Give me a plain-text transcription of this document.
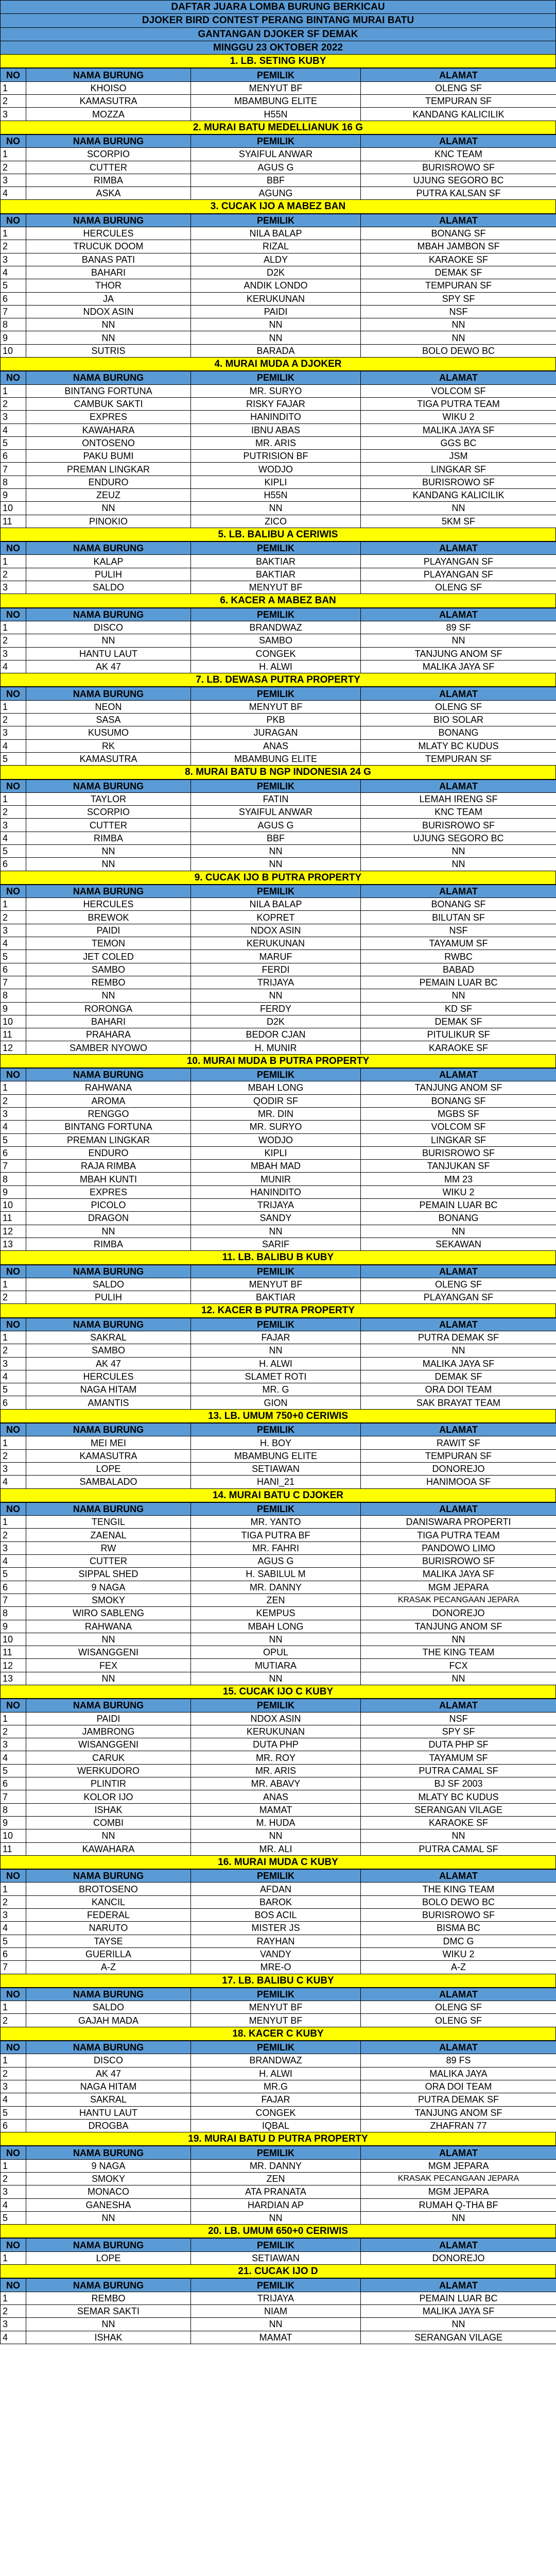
DAFTAR JUARA LOMBA BURUNG BERKICAU
DJOKER BIRD CONTEST PERANG BINTANG MURAI BATU
GANTANGAN DJOKER SF DEMAK
MINGGU 23 OKTOBER 2022
1. LB. SETING KUBY
NO	NAMA BURUNG	PEMILIK	ALAMAT
1	KHOISO	MENYUT BF	OLENG SF
2	KAMASUTRA	MBAMBUNG ELITE	TEMPURAN SF
3	MOZZA	H55N	KANDANG KALICILIK
2. MURAI BATU MEDELLIANUK 16 G
NO	NAMA BURUNG	PEMILIK	ALAMAT
1	SCORPIO	SYAIFUL ANWAR	KNC TEAM
2	CUTTER	AGUS G	BURISROWO SF
3	RIMBA	BBF	UJUNG SEGORO BC
4	ASKA	AGUNG	PUTRA KALSAN SF
3. CUCAK IJO A MABEZ BAN
NO	NAMA BURUNG	PEMILIK	ALAMAT
1	HERCULES	NILA BALAP	BONANG SF
2	TRUCUK DOOM	RIZAL	MBAH JAMBON SF
3	BANAS PATI	ALDY	KARAOKE SF
4	BAHARI	D2K	DEMAK SF
5	THOR	ANDIK LONDO	TEMPURAN SF
6	JA	KERUKUNAN	SPY SF
7	NDOX ASIN	PAIDI	NSF
8	NN	NN	NN
9	NN	NN	NN
10	SUTRIS	BARADA	BOLO DEWO BC
4. MURAI MUDA A DJOKER
NO	NAMA BURUNG	PEMILIK	ALAMAT
1	BINTANG FORTUNA	MR. SURYO	VOLCOM SF
2	CAMBUK SAKTI	RISKY FAJAR	TIGA PUTRA TEAM
3	EXPRES	HANINDITO	WIKU 2
4	KAWAHARA	IBNU ABAS	MALIKA JAYA SF
5	ONTOSENO	MR. ARIS	GGS BC
6	PAKU BUMI	PUTRISION BF	JSM
7	PREMAN LINGKAR	WODJO	LINGKAR SF
8	ENDURO	KIPLI	BURISROWO SF
9	ZEUZ	H55N	KANDANG KALICILIK
10	NN	NN	NN
11	PINOKIO	ZICO	5KM SF
5. LB. BALIBU A CERIWIS
NO	NAMA BURUNG	PEMILIK	ALAMAT
1	KALAP	BAKTIAR	PLAYANGAN SF
2	PULIH	BAKTIAR	PLAYANGAN SF
3	SALDO	MENYUT BF	OLENG SF
6. KACER A MABEZ BAN
NO	NAMA BURUNG	PEMILIK	ALAMAT
1	DISCO	BRANDWAZ	89 SF
2	NN	SAMBO	NN
3	HANTU LAUT	CONGEK	TANJUNG ANOM SF
4	AK 47	H. ALWI	MALIKA JAYA SF
7. LB. DEWASA PUTRA PROPERTY
NO	NAMA BURUNG	PEMILIK	ALAMAT
1	NEON	MENYUT BF	OLENG SF
2	SASA	PKB	BIO SOLAR
3	KUSUMO	JURAGAN	BONANG
4	RK	ANAS	MLATY BC KUDUS
5	KAMASUTRA	MBAMBUNG ELITE	TEMPURAN SF
8. MURAI BATU B NGP INDONESIA 24 G
NO	NAMA BURUNG	PEMILIK	ALAMAT
1	TAYLOR	FATIN	LEMAH IRENG SF
2	SCORPIO	SYAIFUL ANWAR	KNC TEAM
3	CUTTER	AGUS G	BURISROWO SF
4	RIMBA	BBF	UJUNG SEGORO BC
5	NN	NN	NN
6	NN	NN	NN
9. CUCAK IJO B PUTRA PROPERTY
NO	NAMA BURUNG	PEMILIK	ALAMAT
1	HERCULES	NILA BALAP	BONANG SF
2	BREWOK	KOPRET	BILUTAN SF
3	PAIDI	NDOX ASIN	NSF
4	TEMON	KERUKUNAN	TAYAMUM SF
5	JET COLED	MARUF	RWBC
6	SAMBO	FERDI	BABAD
7	REMBO	TRIJAYA	PEMAIN LUAR BC
8	NN	NN	NN
9	RORONGA	FERDY	KD SF
10	BAHARI	D2K	DEMAK SF
11	PRAHARA	BEDOR CJAN	PITULIKUR SF
12	SAMBER NYOWO	H. MUNIR	KARAOKE SF
10. MURAI MUDA B PUTRA PROPERTY
NO	NAMA BURUNG	PEMILIK	ALAMAT
1	RAHWANA	MBAH LONG	TANJUNG ANOM SF
2	AROMA	QODIR SF	BONANG SF
3	RENGGO	MR. DIN	MGBS SF
4	BINTANG FORTUNA	MR. SURYO	VOLCOM SF
5	PREMAN LINGKAR	WODJO	LINGKAR SF
6	ENDURO	KIPLI	BURISROWO SF
7	RAJA RIMBA	MBAH MAD	TANJUKAN SF
8	MBAH KUNTI	MUNIR	MM 23
9	EXPRES	HANINDITO	WIKU 2
10	PICOLO	TRIJAYA	PEMAIN LUAR BC
11	DRAGON	SANDY	BONANG
12	NN	NN	NN
13	RIMBA	SARIF	SEKAWAN
11. LB. BALIBU B KUBY
NO	NAMA BURUNG	PEMILIK	ALAMAT
1	SALDO	MENYUT BF	OLENG SF
2	PULIH	BAKTIAR	PLAYANGAN SF
12. KACER B PUTRA PROPERTY
NO	NAMA BURUNG	PEMILIK	ALAMAT
1	SAKRAL	FAJAR	PUTRA DEMAK SF
2	SAMBO	NN	NN
3	AK 47	H. ALWI	MALIKA JAYA SF
4	HERCULES	SLAMET ROTI	DEMAK SF
5	NAGA HITAM	MR. G	ORA DOI TEAM
6	AMANTIS	GION	SAK BRAYAT TEAM
13. LB. UMUM 750+0 CERIWIS
NO	NAMA BURUNG	PEMILIK	ALAMAT
1	MEI MEI	H. BOY	RAWIT SF
2	KAMASUTRA	MBAMBUNG ELITE	TEMPURAN SF
3	LOPE	SETIAWAN	DONOREJO
4	SAMBALADO	HANI_21	HANIMOOA SF
14. MURAI BATU C DJOKER
NO	NAMA BURUNG	PEMILIK	ALAMAT
1	TENGIL	MR. YANTO	DANISWARA PROPERTI
2	ZAENAL	TIGA PUTRA BF	TIGA PUTRA TEAM
3	RW	MR. FAHRI	PANDOWO LIMO
4	CUTTER	AGUS G	BURISROWO SF
5	SIPPAL SHED	H. SABILUL M	MALIKA JAYA SF
6	9 NAGA	MR. DANNY	MGM JEPARA
7	SMOKY	ZEN	KRASAK PECANGAAN JEPARA
8	WIRO SABLENG	KEMPUS	DONOREJO
9	RAHWANA	MBAH LONG	TANJUNG ANOM SF
10	NN	NN	NN
11	WISANGGENI	OPUL	THE KING TEAM
12	FEX	MUTIARA	FCX
13	NN	NN	NN
15. CUCAK IJO C KUBY
NO	NAMA BURUNG	PEMILIK	ALAMAT
1	PAIDI	NDOX ASIN	NSF
2	JAMBRONG	KERUKUNAN	SPY SF
3	WISANGGENI	DUTA PHP	DUTA PHP SF
4	CARUK	MR. ROY	TAYAMUM SF
5	WERKUDORO	MR. ARIS	PUTRA CAMAL SF
6	PLINTIR	MR. ABAVY	BJ SF 2003
7	KOLOR IJO	ANAS	MLATY BC KUDUS
8	ISHAK	MAMAT	SERANGAN VILAGE
9	COMBI	M. HUDA	KARAOKE SF
10	NN	NN	NN
11	KAWAHARA	MR. ALI	PUTRA CAMAL SF
16. MURAI MUDA C KUBY
NO	NAMA BURUNG	PEMILIK	ALAMAT
1	BROTOSENO	AFDAN	THE KING TEAM
2	KANCIL	BAROK	BOLO DEWO BC
3	FEDERAL	BOS ACIL	BURISROWO SF
4	NARUTO	MISTER JS	BISMA BC
5	TAYSE	RAYHAN	DMC G
6	GUERILLA	VANDY	WIKU 2
7	A-Z	MRE-O	A-Z
17. LB. BALIBU C KUBY
NO	NAMA BURUNG	PEMILIK	ALAMAT
1	SALDO	MENYUT BF	OLENG SF
2	GAJAH MADA	MENYUT BF	OLENG SF
18. KACER C KUBY
NO	NAMA BURUNG	PEMILIK	ALAMAT
1	DISCO	BRANDWAZ	89 FS
2	AK 47	H. ALWI	MALIKA JAYA
3	NAGA HITAM	MR.G	ORA DOI TEAM
4	SAKRAL	FAJAR	PUTRA DEMAK SF
5	HANTU LAUT	CONGEK	TANJUNG ANOM SF
6	DROGBA	IQBAL	ZHAFRAN 77
19. MURAI BATU D PUTRA PROPERTY
NO	NAMA BURUNG	PEMILIK	ALAMAT
1	9 NAGA	MR. DANNY	MGM JEPARA
2	SMOKY	ZEN	KRASAK PECANGAAN JEPARA
3	MONACO	ATA PRANATA	MGM JEPARA
4	GANESHA	HARDIAN AP	RUMAH Q-THA BF
5	NN	NN	NN
20. LB. UMUM 650+0 CERIWIS
NO	NAMA BURUNG	PEMILIK	ALAMAT
1	LOPE	SETIAWAN	DONOREJO
21. CUCAK IJO D
NO	NAMA BURUNG	PEMILIK	ALAMAT
1	REMBO	TRIJAYA	PEMAIN LUAR BC
2	SEMAR SAKTI	NIAM	MALIKA JAYA SF
3	NN	NN	NN
4	ISHAK	MAMAT	SERANGAN VILAGE
